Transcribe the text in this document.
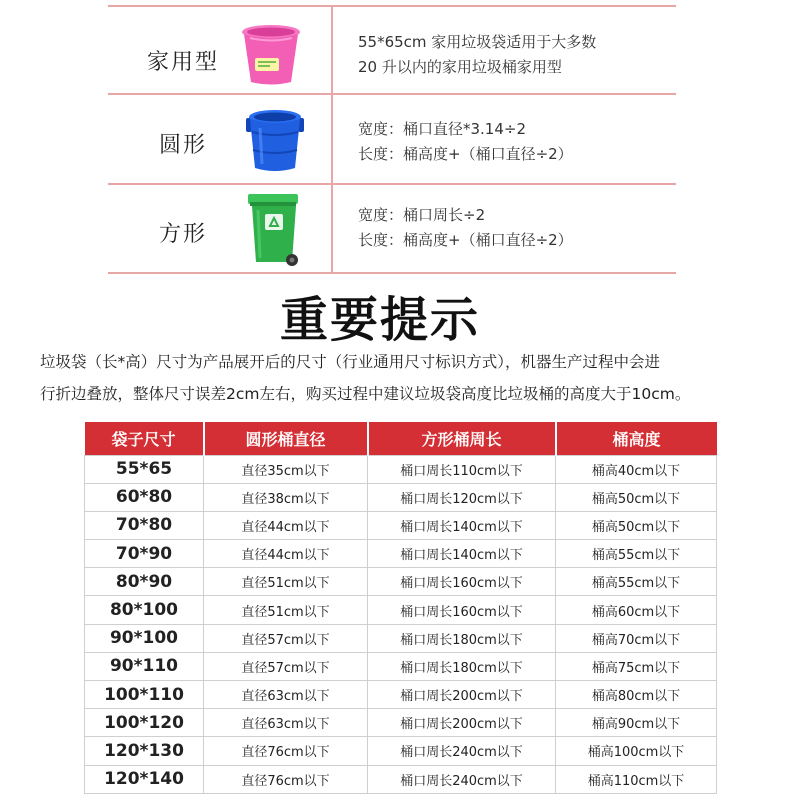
家用型
55*65cm 家用垃圾袋适用于大多数
20 升以内的家用垃圾桶家用型
圆形
宽度：桶口直径*3.14÷2
长度：桶高度+（桶口直径÷2）
方形
宽度：桶口周长÷2
长度：桶高度+（桶口直径÷2）
重要提示
垃圾袋（长*高）尺寸为产品展开后的尺寸（行业通用尺寸标识方式），机器生产过程中会进
行折边叠放，整体尺寸误差2cm左右，购买过程中建议垃圾袋高度比垃圾桶的高度大于10cm。
袋子尺寸	圆形桶直径	方形桶周长	桶高度
55*65	直径35cm以下	桶口周长110cm以下	桶高40cm以下
60*80	直径38cm以下	桶口周长120cm以下	桶高50cm以下
70*80	直径44cm以下	桶口周长140cm以下	桶高50cm以下
70*90	直径44cm以下	桶口周长140cm以下	桶高55cm以下
80*90	直径51cm以下	桶口周长160cm以下	桶高55cm以下
80*100	直径51cm以下	桶口周长160cm以下	桶高60cm以下
90*100	直径57cm以下	桶口周长180cm以下	桶高70cm以下
90*110	直径57cm以下	桶口周长180cm以下	桶高75cm以下
100*110	直径63cm以下	桶口周长200cm以下	桶高80cm以下
100*120	直径63cm以下	桶口周长200cm以下	桶高90cm以下
120*130	直径76cm以下	桶口周长240cm以下	桶高100cm以下
120*140	直径76cm以下	桶口周长240cm以下	桶高110cm以下
